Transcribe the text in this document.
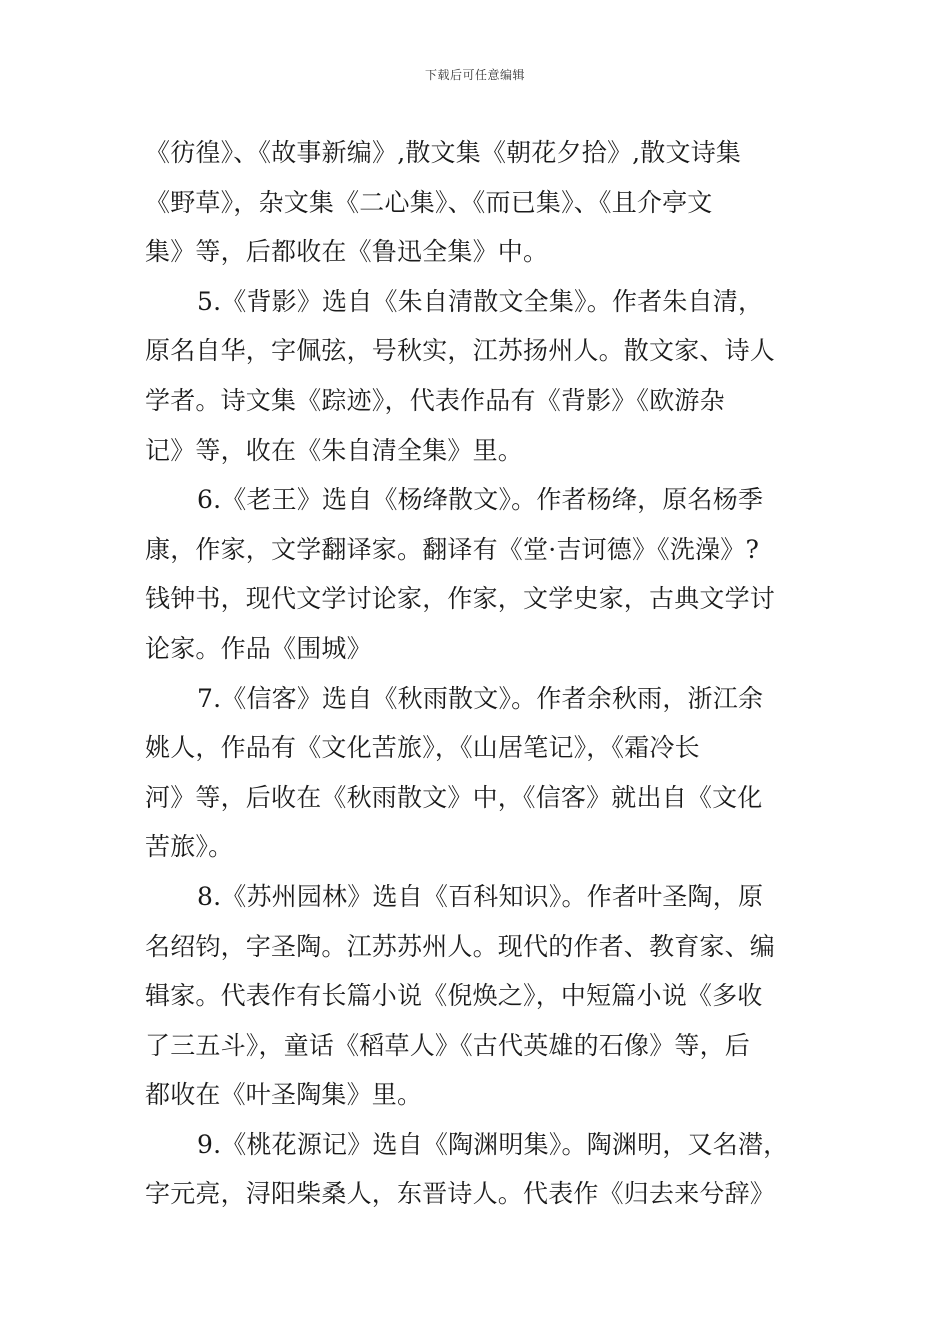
下载后可任意编辑
《彷徨》、《故事新编》,散文集《朝花夕拾》,散文诗集
《野草》，杂文集《二心集》、《而已集》、《且介亭文
集》等，后都收在《鲁迅全集》中。
5.《背影》选自《朱自清散文全集》。作者朱自清，
原名自华，字佩弦，号秋实，江苏扬州人。散文家、诗人
学者。诗文集《踪迹》，代表作品有《背影》《欧游杂
记》等，收在《朱自清全集》里。
6.《老王》选自《杨绛散文》。作者杨绛，原名杨季
康，作家，文学翻译家。翻译有《堂·吉诃德》《洗澡》?
钱钟书，现代文学讨论家，作家，文学史家，古典文学讨
论家。作品《围城》
7.《信客》选自《秋雨散文》。作者余秋雨，浙江余
姚人，作品有《文化苦旅》，《山居笔记》，《霜冷长
河》等，后收在《秋雨散文》中，《信客》就出自《文化
苦旅》。
8.《苏州园林》选自《百科知识》。作者叶圣陶，原
名绍钧，字圣陶。江苏苏州人。现代的作者、教育家、编
辑家。代表作有长篇小说《倪焕之》，中短篇小说《多收
了三五斗》，童话《稻草人》《古代英雄的石像》等，后
都收在《叶圣陶集》里。
9.《桃花源记》选自《陶渊明集》。陶渊明，又名潜，
字元亮，浔阳柴桑人，东晋诗人。代表作《归去来兮辞》
